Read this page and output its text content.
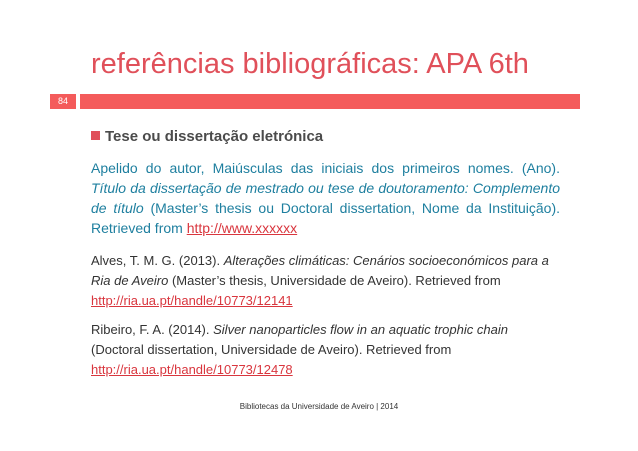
referências bibliográficas: APA 6th
84
Tese ou dissertação eletrónica
Apelido do autor, Maiúsculas das iniciais dos primeiros nomes. (Ano). Título da dissertação de mestrado ou tese de doutoramento: Complemento de título (Master’s thesis ou Doctoral dissertation, Nome da Instituição). Retrieved from http://www.xxxxxx
Alves, T. M. G. (2013). Alterações climáticas: Cenários socioeconómicos para a Ria de Aveiro (Master’s thesis, Universidade de Aveiro). Retrieved from http://ria.ua.pt/handle/10773/12141
Ribeiro, F. A. (2014). Silver nanoparticles flow in an aquatic trophic chain (Doctoral dissertation, Universidade de Aveiro). Retrieved from http://ria.ua.pt/handle/10773/12478
Bibliotecas da Universidade de Aveiro | 2014
